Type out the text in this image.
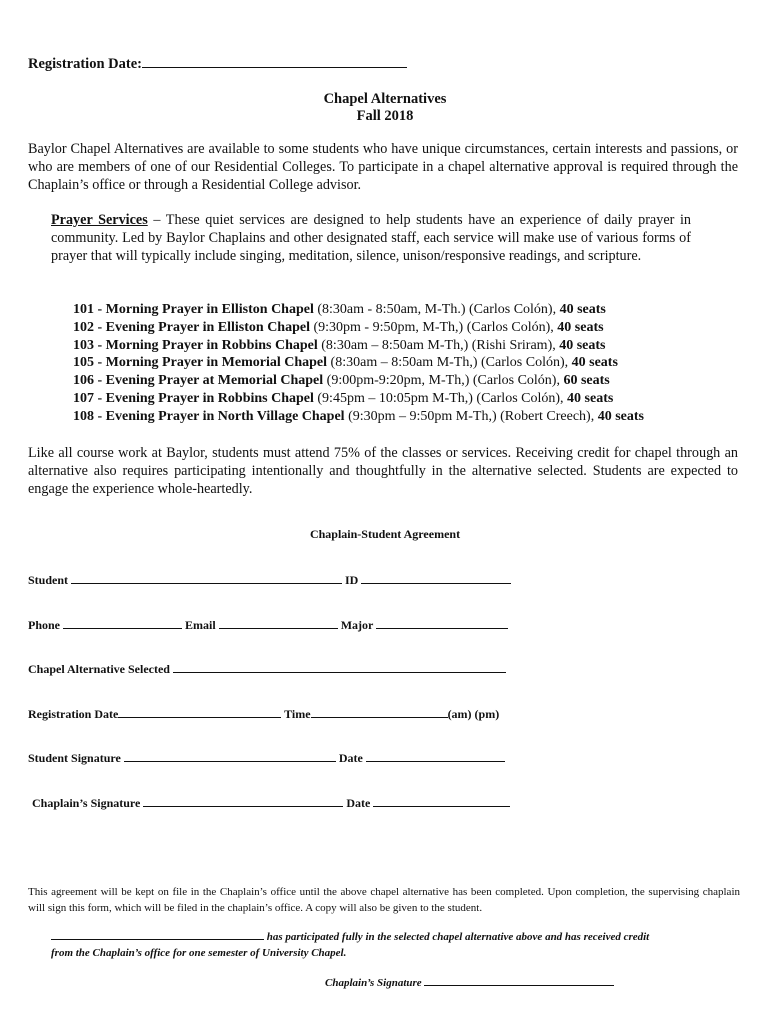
Registration Date:
Chapel Alternatives
Fall 2018
Baylor Chapel Alternatives are available to some students who have unique circumstances, certain interests and passions, or who are members of one of our Residential Colleges. To participate in a chapel alternative approval is required through the Chaplain’s office or through a Residential College advisor.
Prayer Services – These quiet services are designed to help students have an experience of daily prayer in community. Led by Baylor Chaplains and other designated staff, each service will make use of various forms of prayer that will typically include singing, meditation, silence, unison/responsive readings, and scripture.
101 - Morning Prayer in Elliston Chapel (8:30am - 8:50am, M-Th.) (Carlos Colón), 40 seats
102 - Evening Prayer in Elliston Chapel (9:30pm - 9:50pm, M-Th,) (Carlos Colón), 40 seats
103 - Morning Prayer in Robbins Chapel (8:30am – 8:50am M-Th,) (Rishi Sriram), 40 seats
105 - Morning Prayer in Memorial Chapel (8:30am – 8:50am M-Th,) (Carlos Colón), 40 seats
106 - Evening Prayer at Memorial Chapel (9:00pm-9:20pm, M-Th,) (Carlos Colón), 60 seats
107 - Evening Prayer in Robbins Chapel (9:45pm – 10:05pm M-Th,) (Carlos Colón), 40 seats
108 - Evening Prayer in North Village Chapel (9:30pm – 9:50pm M-Th,) (Robert Creech), 40 seats
Like all course work at Baylor, students must attend 75% of the classes or services. Receiving credit for chapel through an alternative also requires participating intentionally and thoughtfully in the alternative selected. Students are expected to engage the experience whole-heartedly.
Chaplain-Student Agreement
Student	ID
Phone	Email	Major
Chapel Alternative Selected
Registration Date	Time	(am) (pm)
Student Signature	Date
Chaplain’s Signature	Date
This agreement will be kept on file in the Chaplain’s office until the above chapel alternative has been completed. Upon completion, the supervising chaplain will sign this form, which will be filed in the chaplain’s office. A copy will also be given to the student.
has participated fully in the selected chapel alternative above and has received credit
from the Chaplain’s office for one semester of University Chapel.
Chaplain’s Signature
